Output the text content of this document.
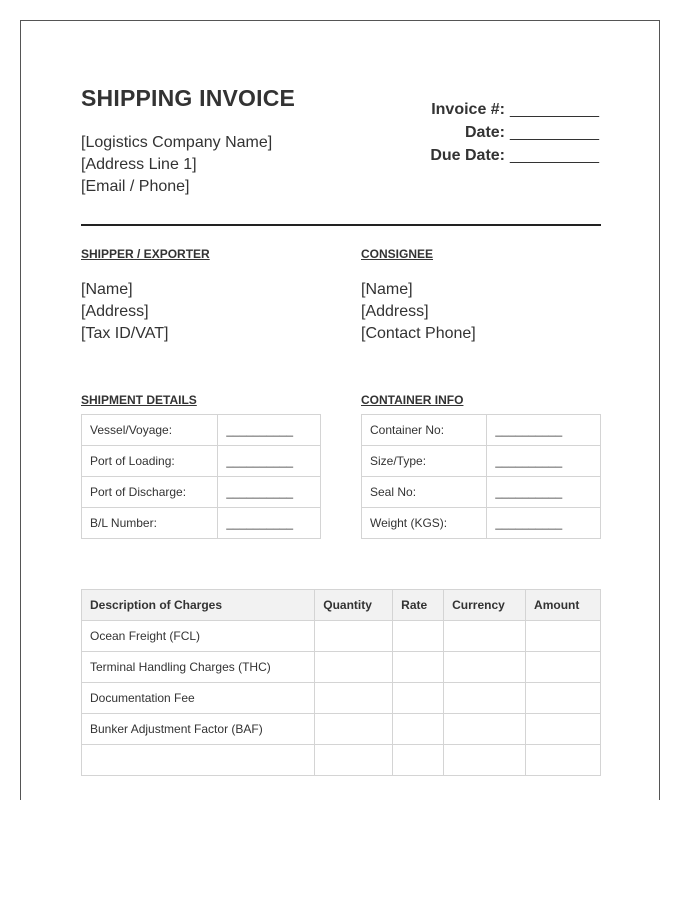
SHIPPING INVOICE
[Logistics Company Name]
[Address Line 1]
[Email / Phone]
Invoice #: __________
Date: __________
Due Date: __________
SHIPPER / EXPORTER
[Name]
[Address]
[Tax ID/VAT]
CONSIGNEE
[Name]
[Address]
[Contact Phone]
SHIPMENT DETAILS
Vessel/Voyage:	__________
Port of Loading:	__________
Port of Discharge:	__________
B/L Number:	__________
CONTAINER INFO
Container No:	__________
Size/Type:	__________
Seal No:	__________
Weight (KGS):	__________
Description of Charges	Quantity	Rate	Currency	Amount
Ocean Freight (FCL)				
Terminal Handling Charges (THC)				
Documentation Fee				
Bunker Adjustment Factor (BAF)				
